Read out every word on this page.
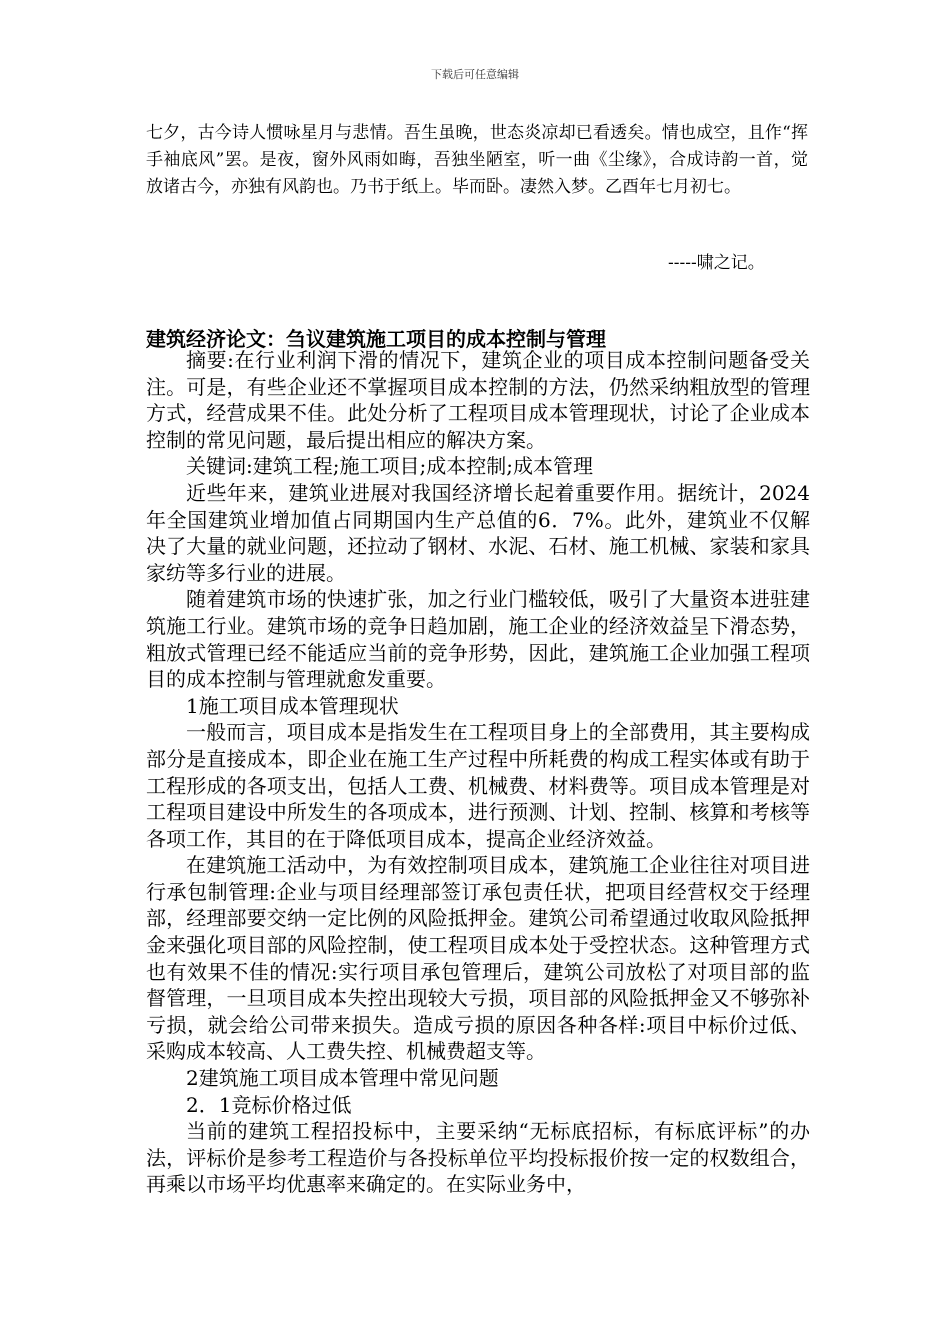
下载后可任意编辑

七夕，古今诗人惯咏星月与悲情。吾生虽晚，世态炎凉却已看透矣。情也成空，且作“挥手袖底风”罢。是夜，窗外风雨如晦，吾独坐陋室，听一曲《尘缘》，合成诗韵一首，觉放诸古今，亦独有风韵也。乃书于纸上。毕而卧。凄然入梦。乙酉年七月初七。

-----啸之记。
建筑经济论文：刍议建筑施工项目的成本控制与管理

摘要:在行业利润下滑的情况下，建筑企业的项目成本控制问题备受关注。可是，有些企业还不掌握项目成本控制的方法，仍然采纳粗放型的管理方式，经营成果不佳。此处分析了工程项目成本管理现状，讨论了企业成本控制的常见问题，最后提出相应的解决方案。

关键词:建筑工程;施工项目;成本控制;成本管理

近些年来，建筑业进展对我国经济增长起着重要作用。据统计，2024年全国建筑业增加值占同期国内生产总值的6．7%。此外，建筑业不仅解决了大量的就业问题，还拉动了钢材、水泥、石材、施工机械、家装和家具家纺等多行业的进展。

随着建筑市场的快速扩张，加之行业门槛较低，吸引了大量资本进驻建筑施工行业。建筑市场的竞争日趋加剧，施工企业的经济效益呈下滑态势，粗放式管理已经不能适应当前的竞争形势，因此，建筑施工企业加强工程项目的成本控制与管理就愈发重要。

1施工项目成本管理现状

一般而言，项目成本是指发生在工程项目身上的全部费用，其主要构成部分是直接成本，即企业在施工生产过程中所耗费的构成工程实体或有助于工程形成的各项支出，包括人工费、机械费、材料费等。项目成本管理是对工程项目建设中所发生的各项成本，进行预测、计划、控制、核算和考核等各项工作，其目的在于降低项目成本，提高企业经济效益。

在建筑施工活动中，为有效控制项目成本，建筑施工企业往往对项目进行承包制管理:企业与项目经理部签订承包责任状，把项目经营权交于经理部，经理部要交纳一定比例的风险抵押金。建筑公司希望通过收取风险抵押金来强化项目部的风险控制，使工程项目成本处于受控状态。这种管理方式也有效果不佳的情况:实行项目承包管理后，建筑公司放松了对项目部的监督管理，一旦项目成本失控出现较大亏损，项目部的风险抵押金又不够弥补亏损，就会给公司带来损失。造成亏损的原因各种各样:项目中标价过低、采购成本较高、人工费失控、机械费超支等。

2建筑施工项目成本管理中常见问题

2．1竞标价格过低

当前的建筑工程招投标中，主要采纳“无标底招标，有标底评标”的办法，评标价是参考工程造价与各投标单位平均投标报价按一定的权数组合，再乘以市场平均优惠率来确定的。在实际业务中，
